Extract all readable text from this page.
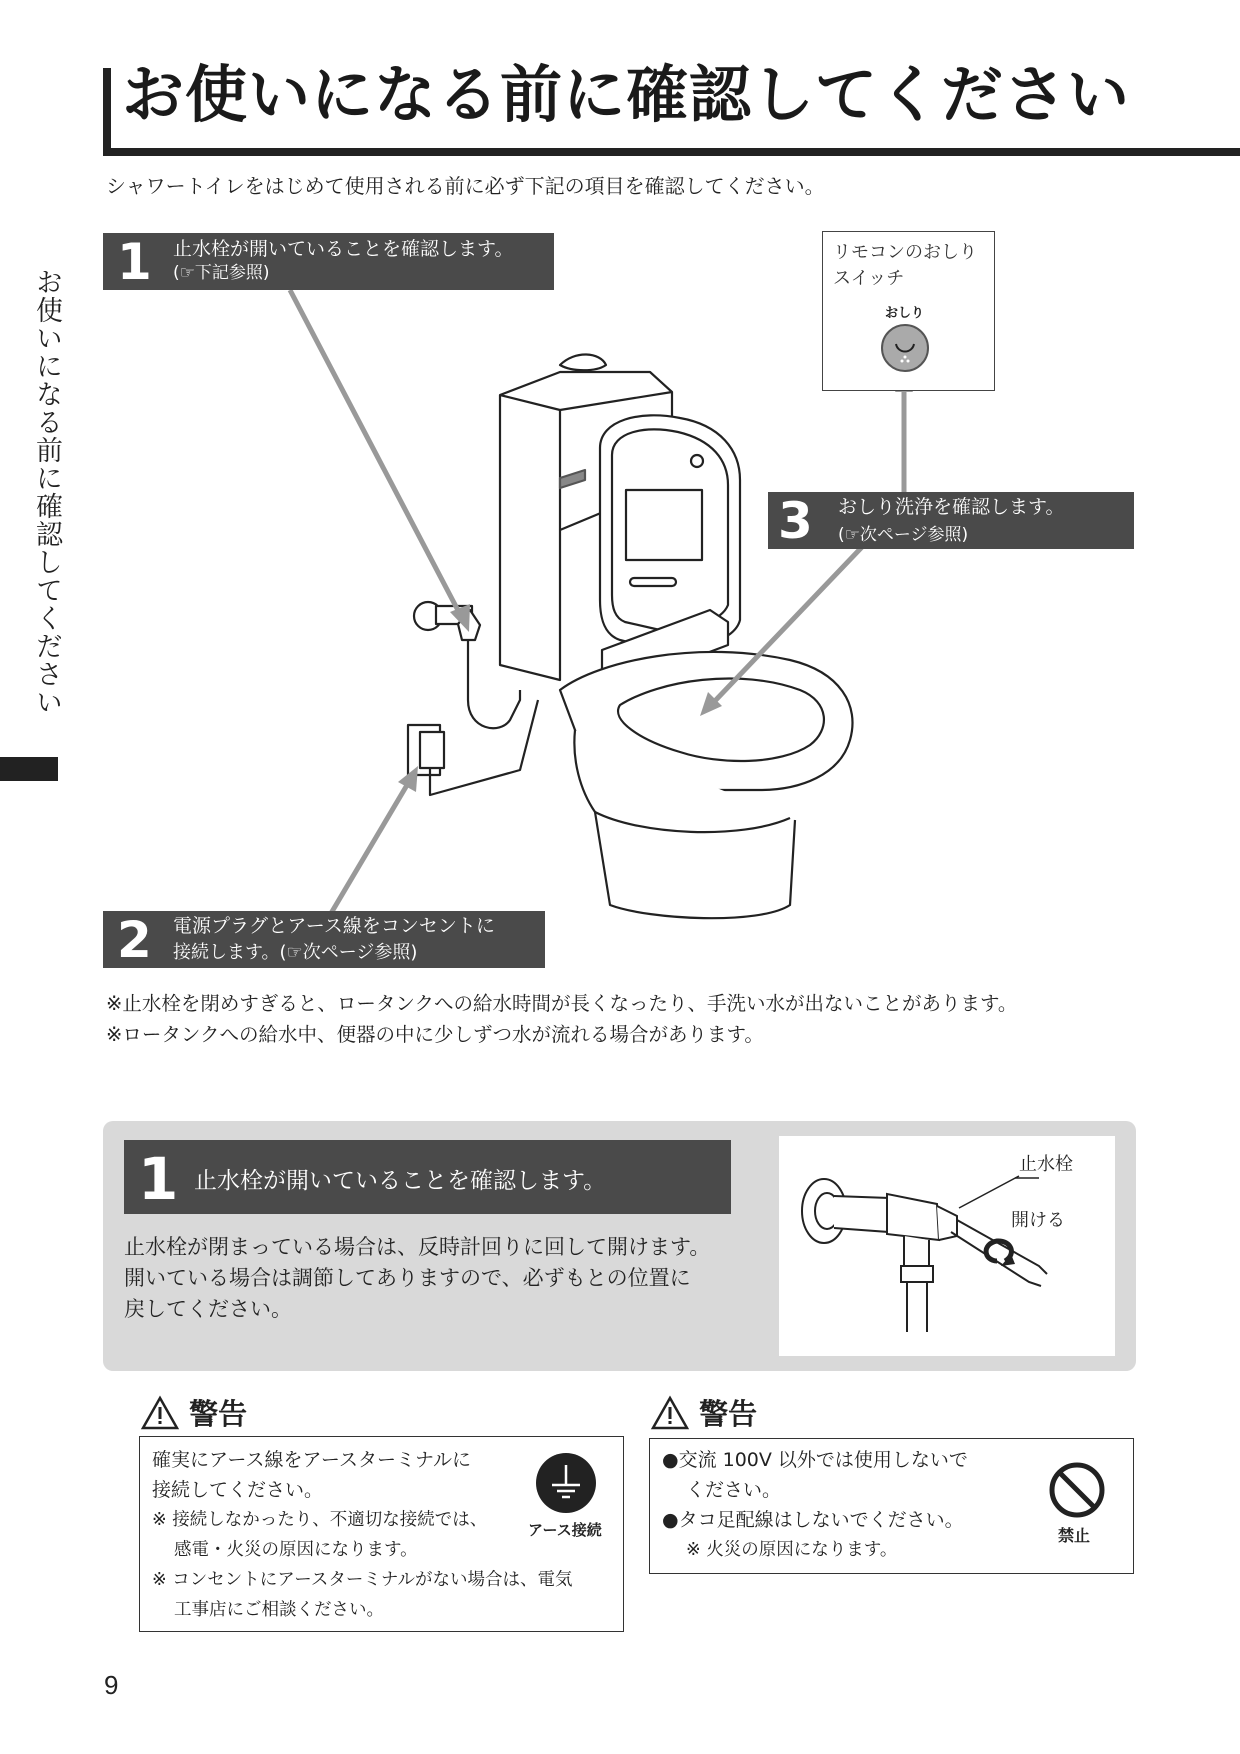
お使いになる前に確認してください
シャワートイレをはじめて使用される前に必ず下記の項目を確認してください。
お使いになる前に確認してください
1 止水栓が開いていることを確認します。
(☞下記参照)
2 電源プラグとアース線をコンセントに
接続します。(☞次ページ参照)
3 おしり洗浄を確認します。
(☞次ページ参照)
リモコンのおしりスイッチ
おしり
※止水栓を閉めすぎると、ロータンクへの給水時間が長くなったり、手洗い水が出ないことがあります。
※ロータンクへの給水中、便器の中に少しずつ水が流れる場合があります。
1 止水栓が開いていることを確認します。
止水栓が閉まっている場合は、反時計回りに回して開けます。
開いている場合は調節してありますので、必ずもとの位置に
戻してください。
止水栓
開ける
警告
確実にアース線をアースターミナルに
接続してください。
※ 接続しなかったり、不適切な接続では、
感電・火災の原因になります。
※ コンセントにアースターミナルがない場合は、電気
工事店にご相談ください。
アース接続
警告
●交流 100V 以外では使用しないで
ください。
●タコ足配線はしないでください。
※ 火災の原因になります。
禁止
9
